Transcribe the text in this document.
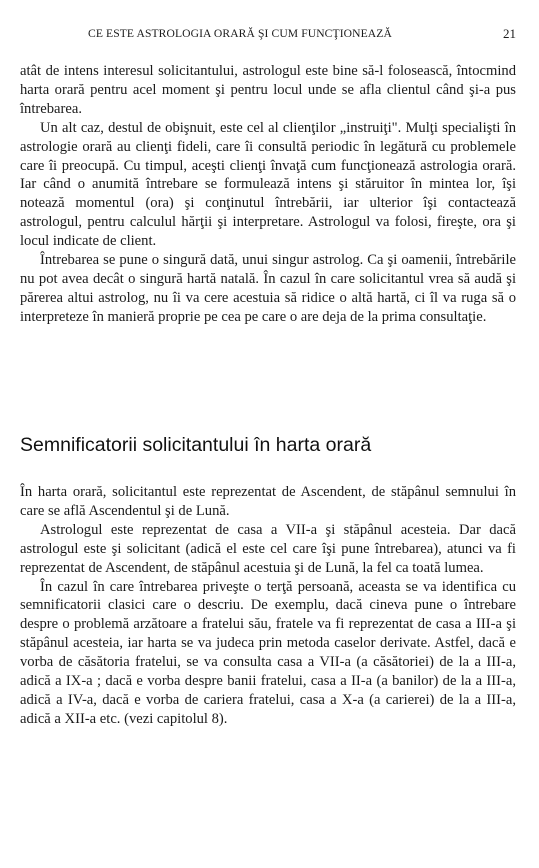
CE ESTE ASTROLOGIA ORARĂ ŞI CUM FUNCŢIONEAZĂ	21

atât de intens interesul solicitantului, astrologul este bine să-l folosească, întocmind harta orară pentru acel moment şi pentru locul unde se afla clientul când şi-a pus întrebarea.

Un alt caz, destul de obişnuit, este cel al clienţilor „instruiţi". Mulţi specialişti în astrologie orară au clienţi fideli, care îi consultă periodic în legătură cu problemele care îi preocupă. Cu timpul, aceşti clienţi învaţă cum funcţionează astrologia orară. Iar când o anumită întrebare se formulează intens şi stăruitor în mintea lor, îşi notează momentul (ora) şi conţinutul întrebării, iar ulterior îşi contactează astrologul, pentru calculul hărţii şi interpretare. Astrologul va folosi, fireşte, ora şi locul indicate de client.

Întrebarea se pune o singură dată, unui singur astrolog. Ca şi oamenii, întrebările nu pot avea decât o singură hartă natală. În cazul în care solicitantul vrea să audă şi părerea altui astrolog, nu îi va cere acestuia să ridice o altă hartă, ci îl va ruga să o interpreteze în manieră proprie pe cea pe care o are deja de la prima consultaţie.

Semnificatorii solicitantului în harta orară

În harta orară, solicitantul este reprezentat de Ascendent, de stăpânul semnului în care se află Ascendentul şi de Lună.

Astrologul este reprezentat de casa a VII-a şi stăpânul acesteia. Dar dacă astrologul este şi solicitant (adică el este cel care îşi pune întrebarea), atunci va fi reprezentat de Ascendent, de stăpânul acestuia şi de Lună, la fel ca toată lumea.

În cazul în care întrebarea priveşte o terţă persoană, aceasta se va identifica cu semnificatorii clasici care o descriu. De exemplu, dacă cineva pune o întrebare despre o problemă arzătoare a fratelui său, fratele va fi reprezentat de casa a III-a şi stăpânul acesteia, iar harta se va judeca prin metoda caselor derivate. Astfel, dacă e vorba de căsătoria fratelui, se va consulta casa a VII-a (a căsătoriei) de la a III-a, adică a IX-a ; dacă e vorba despre banii fratelui, casa a II-a (a banilor) de la a III-a, adică a IV-a, dacă e vorba de cariera fratelui, casa a X-a (a carierei) de la a III-a, adică a XII-a etc. (vezi capitolul 8).
